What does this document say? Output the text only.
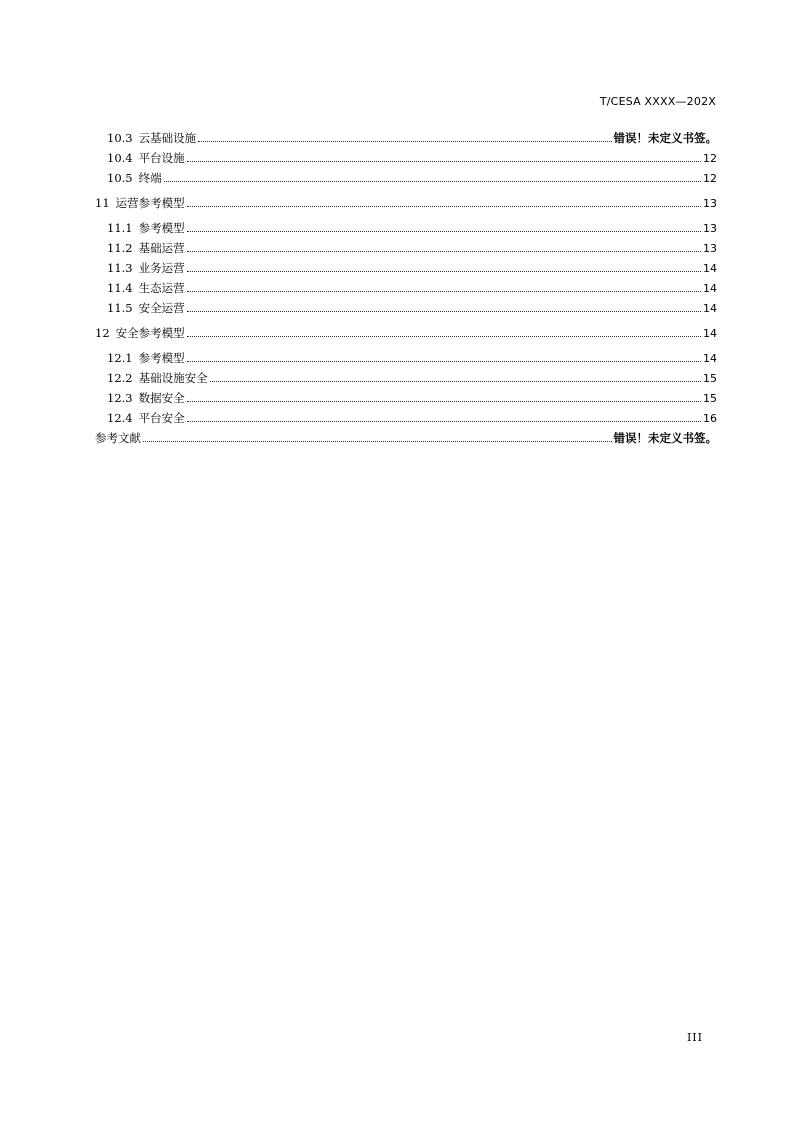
T/CESA XXXX—202X
10.3 云基础设施	错误！未定义书签。
10.4 平台设施	12
10.5 终端	12
11 运营参考模型	13
11.1 参考模型	13
11.2 基础运营	13
11.3 业务运营	14
11.4 生态运营	14
11.5 安全运营	14
12 安全参考模型	14
12.1 参考模型	14
12.2 基础设施安全	15
12.3 数据安全	15
12.4 平台安全	16
参考文献	错误！未定义书签。
III
